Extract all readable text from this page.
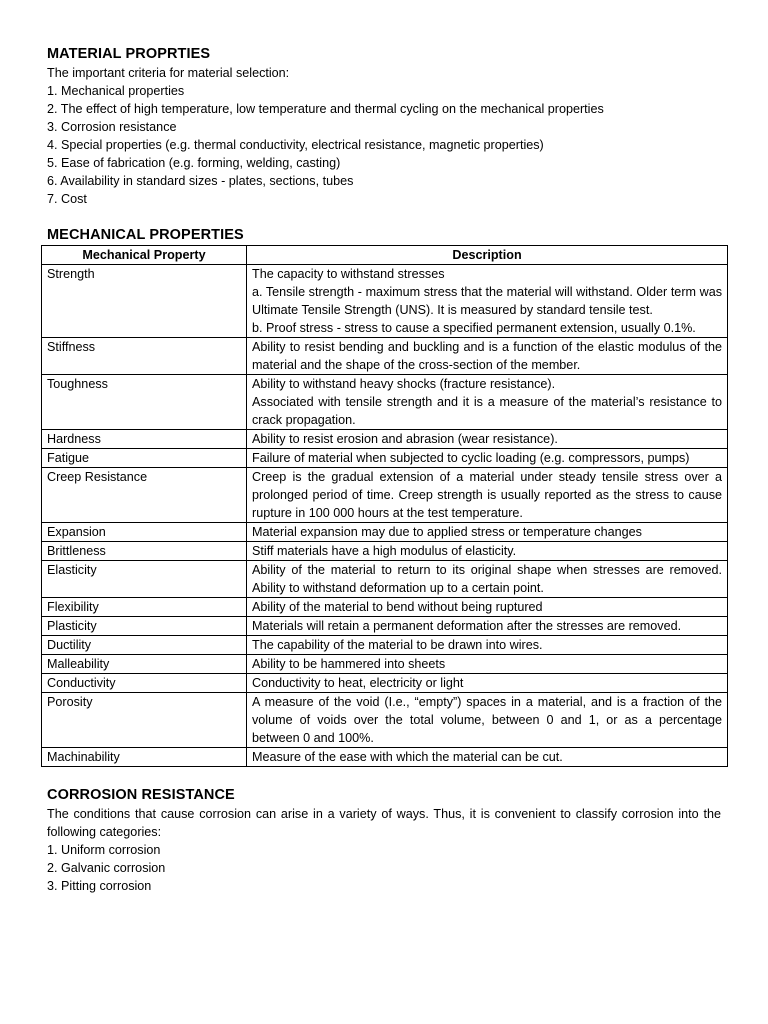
MATERIAL PROPRTIES

The important criteria for material selection:

1. Mechanical properties

2. The effect of high temperature, low temperature and thermal cycling on the mechanical properties

3. Corrosion resistance

4. Special properties (e.g. thermal conductivity, electrical resistance, magnetic properties)

5. Ease of fabrication (e.g. forming, welding, casting)

6. Availability in standard sizes - plates, sections, tubes

7. Cost

MECHANICAL PROPERTIES
Mechanical Property	Description
Strength	The capacity to withstand stresses
a. Tensile strength - maximum stress that the material will withstand. Older term was Ultimate Tensile Strength (UNS). It is measured by standard tensile test.
b. Proof stress - stress to cause a specified permanent extension, usually 0.1%.

Stiffness	Ability to resist bending and buckling and is a function of the elastic modulus of the material and the shape of the cross-section of the member.

Toughness	Ability to withstand heavy shocks (fracture resistance).
Associated with tensile strength and it is a measure of the material’s resistance to crack propagation.

Hardness	Ability to resist erosion and abrasion (wear resistance).

Fatigue	Failure of material when subjected to cyclic loading (e.g. compressors, pumps)

Creep Resistance	Creep is the gradual extension of a material under steady tensile stress over a prolonged period of time. Creep strength is usually reported as the stress to cause rupture in 100 000 hours at the test temperature.

Expansion	Material expansion may due to applied stress or temperature changes

Brittleness	Stiff materials have a high modulus of elasticity.

Elasticity	Ability of the material to return to its original shape when stresses are removed. Ability to withstand deformation up to a certain point.

Flexibility	Ability of the material to bend without being ruptured

Plasticity	Materials will retain a permanent deformation after the stresses are removed.

Ductility	The capability of the material to be drawn into wires.

Malleability	Ability to be hammered into sheets

Conductivity	Conductivity to heat, electricity or light

Porosity	A measure of the void (I.e., “empty”) spaces in a material, and is a fraction of the volume of voids over the total volume, between 0 and 1, or as a percentage between 0 and 100%.

Machinability	Measure of the ease with which the material can be cut.
CORROSION RESISTANCE

The conditions that cause corrosion can arise in a variety of ways. Thus, it is convenient to classify corrosion into the following categories:

1. Uniform corrosion

2. Galvanic corrosion

3. Pitting corrosion
